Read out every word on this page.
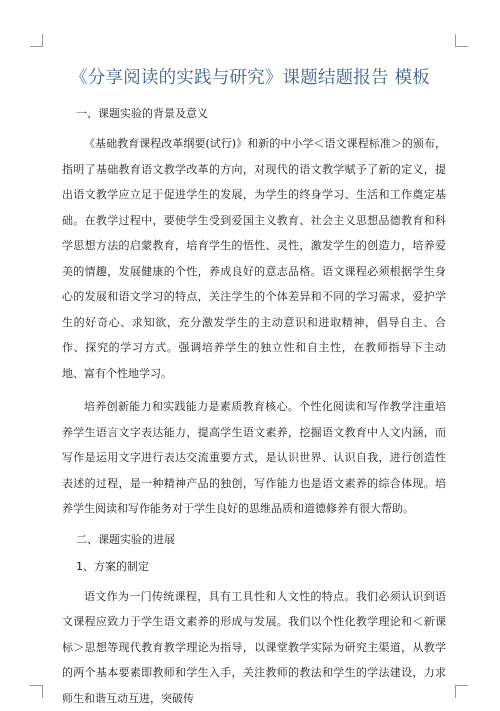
《分享阅读的实践与研究》课题结题报告 模板

一、课题实验的背景及意义

《基础教育课程改革纲要(试行)》和新的中小学＜语文课程标准＞的颁布，指明了基础教育语文教学改革的方向，对现代的语文教学赋予了新的定义，提出语文教学应立足于促进学生的发展，为学生的终身学习、生活和工作奠定基础。在教学过程中，要使学生受到爱国主义教育、社会主义思想品德教育和科学思想方法的启蒙教育，培育学生的悟性、灵性，激发学生的创造力，培养爱美的情趣，发展健康的个性，养成良好的意志品格。语文课程必须根据学生身心的发展和语文学习的特点，关注学生的个体差异和不同的学习需求，爱护学生的好奇心、求知欲，充分激发学生的主动意识和进取精神，倡导自主、合作、探究的学习方式。强调培养学生的独立性和自主性，在教师指导下主动地、富有个性地学习。

培养创新能力和实践能力是素质教育核心。个性化阅读和写作教学注重培养学生语言文字表达能力，提高学生语文素养，挖掘语文教育中人文内涵，而写作是运用文字进行表达交流重要方式，是认识世界、认识自我，进行创造性表述的过程，是一种精神产品的独创，写作能力也是语文素养的综合体现。培养学生阅读和写作能务对于学生良好的思维品质和道德修养有很大帮助。

二、课题实验的进展

1、方案的制定

语文作为一门传统课程，具有工具性和人文性的特点。我们必须认识到语文课程应致力于学生语文素养的形成与发展。我们以个性化教学理论和＜新课标＞思想等现代教育教学理论为指导，以课堂教学实际为研究主渠道，从教学的两个基本要素即教师和学生入手，关注教师的教法和学生的学法建设，力求师生和谐互动互进，突破传
